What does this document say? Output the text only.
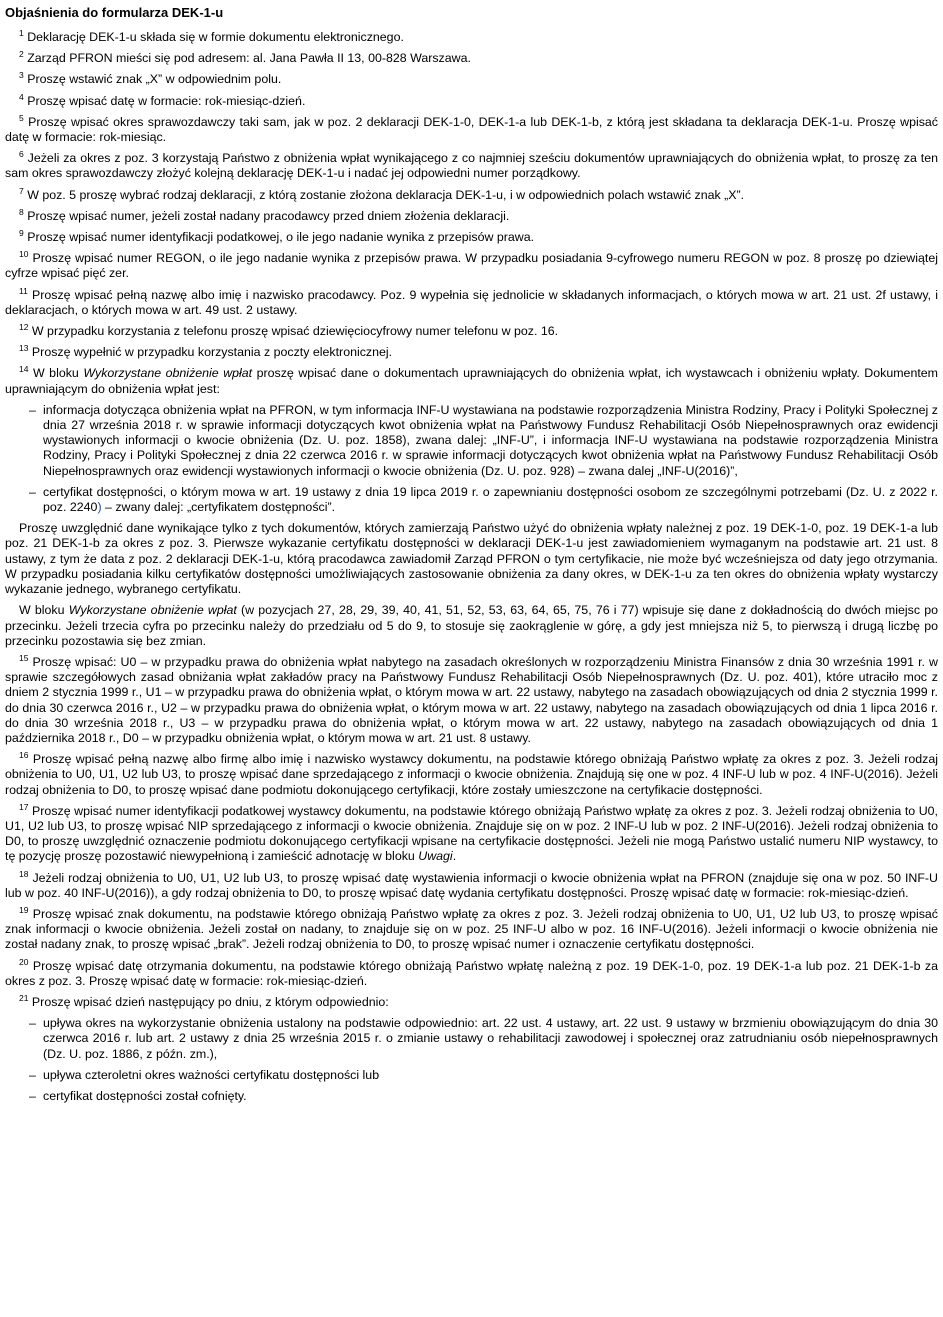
Objaśnienia do formularza DEK-1-u

$^1$ Deklarację DEK-1-u składa się w formie dokumentu elektronicznego.

$^2$ Zarząd PFRON mieści się pod adresem: al. Jana Pawła II 13, 00-828 Warszawa.

$^3$ Proszę wstawić znak „X” w odpowiednim polu.

$^4$ Proszę wpisać datę w formacie: rok-miesiąc-dzień.

$^5$ Proszę wpisać okres sprawozdawczy taki sam, jak w poz. 2 deklaracji DEK-1-0, DEK-1-a lub DEK-1-b, z którą jest składana ta deklaracja DEK-1-u. Proszę wpisać datę w formacie: rok-miesiąc.

$^6$ Jeżeli za okres z poz. 3 korzystają Państwo z obniżenia wpłat wynikającego z co najmniej sześciu dokumentów uprawniających do obniżenia wpłat, to proszę za ten sam okres sprawozdawczy złożyć kolejną deklarację DEK-1-u i nadać jej odpowiedni numer porządkowy.

$^7$ W poz. 5 proszę wybrać rodzaj deklaracji, z którą zostanie złożona deklaracja DEK-1-u, i w odpowiednich polach wstawić znak „X”.

$^8$ Proszę wpisać numer, jeżeli został nadany pracodawcy przed dniem złożenia deklaracji.

$^9$ Proszę wpisać numer identyfikacji podatkowej, o ile jego nadanie wynika z przepisów prawa.

$^{10}$ Proszę wpisać numer REGON, o ile jego nadanie wynika z przepisów prawa. W przypadku posiadania 9-cyfrowego numeru REGON w poz. 8 proszę po dziewiątej cyfrze wpisać pięć zer.

$^{11}$ Proszę wpisać pełną nazwę albo imię i nazwisko pracodawcy. Poz. 9 wypełnia się jednolicie w składanych informacjach, o których mowa w art. 21 ust. 2f ustawy, i deklaracjach, o których mowa w art. 49 ust. 2 ustawy.

$^{12}$ W przypadku korzystania z telefonu proszę wpisać dziewięciocyfrowy numer telefonu w poz. 16.

$^{13}$ Proszę wypełnić w przypadku korzystania z poczty elektronicznej.

$^{14}$ W bloku Wykorzystane obniżenie wpłat proszę wpisać dane o dokumentach uprawniających do obniżenia wpłat, ich wystawcach i obniżeniu wpłaty. Dokumentem uprawniającym do obniżenia wpłat jest:

– informacja dotycząca obniżenia wpłat na PFRON, w tym informacja INF-U wystawiana na podstawie rozporządzenia Ministra Rodziny, Pracy i Polityki Społecznej z dnia 27 września 2018 r. w sprawie informacji dotyczących kwot obniżenia wpłat na Państwowy Fundusz Rehabilitacji Osób Niepełnosprawnych oraz ewidencji wystawionych informacji o kwocie obniżenia (Dz. U. poz. 1858), zwana dalej: „INF-U”, i informacja INF-U wystawiana na podstawie rozporządzenia Ministra Rodziny, Pracy i Polityki Społecznej z dnia 22 czerwca 2016 r. w sprawie informacji dotyczących kwot obniżenia wpłat na Państwowy Fundusz Rehabilitacji Osób Niepełnosprawnych oraz ewidencji wystawionych informacji o kwocie obniżenia (Dz. U. poz. 928) – zwana dalej „INF-U(2016)”,
– certyfikat dostępności, o którym mowa w art. 19 ustawy z dnia 19 lipca 2019 r. o zapewnianiu dostępności osobom ze szczególnymi potrzebami (Dz. U. z 2022 r. poz. 2240) – zwany dalej: „certyfikatem dostępności”.

Proszę uwzględnić dane wynikające tylko z tych dokumentów, których zamierzają Państwo użyć do obniżenia wpłaty należnej z poz. 19 DEK-1-0, poz. 19 DEK-1-a lub poz. 21 DEK-1-b za okres z poz. 3. Pierwsze wykazanie certyfikatu dostępności w deklaracji DEK-1-u jest zawiadomieniem wymaganym na podstawie art. 21 ust. 8 ustawy, z tym że data z poz. 2 deklaracji DEK-1-u, którą pracodawca zawiadomił Zarząd PFRON o tym certyfikacie, nie może być wcześniejsza od daty jego otrzymania. W przypadku posiadania kilku certyfikatów dostępności umożliwiających zastosowanie obniżenia za dany okres, w DEK-1-u za ten okres do obniżenia wpłaty wystarczy wykazanie jednego, wybranego certyfikatu.

W bloku Wykorzystane obniżenie wpłat (w pozycjach 27, 28, 29, 39, 40, 41, 51, 52, 53, 63, 64, 65, 75, 76 i 77) wpisuje się dane z dokładnością do dwóch miejsc po przecinku. Jeżeli trzecia cyfra po przecinku należy do przedziału od 5 do 9, to stosuje się zaokrąglenie w górę, a gdy jest mniejsza niż 5, to pierwszą i drugą liczbę po przecinku pozostawia się bez zmian.

$^{15}$ Proszę wpisać: U0 – w przypadku prawa do obniżenia wpłat nabytego na zasadach określonych w rozporządzeniu Ministra Finansów z dnia 30 września 1991 r. w sprawie szczegółowych zasad obniżania wpłat zakładów pracy na Państwowy Fundusz Rehabilitacji Osób Niepełnosprawnych (Dz. U. poz. 401), które utraciło moc z dniem 2 stycznia 1999 r., U1 – w przypadku prawa do obniżenia wpłat, o którym mowa w art. 22 ustawy, nabytego na zasadach obowiązujących od dnia 2 stycznia 1999 r. do dnia 30 czerwca 2016 r., U2 – w przypadku prawa do obniżenia wpłat, o którym mowa w art. 22 ustawy, nabytego na zasadach obowiązujących od dnia 1 lipca 2016 r. do dnia 30 września 2018 r., U3 – w przypadku prawa do obniżenia wpłat, o którym mowa w art. 22 ustawy, nabytego na zasadach obowiązujących od dnia 1 października 2018 r., D0 – w przypadku obniżenia wpłat, o którym mowa w art. 21 ust. 8 ustawy.

$^{16}$ Proszę wpisać pełną nazwę albo firmę albo imię i nazwisko wystawcy dokumentu, na podstawie którego obniżają Państwo wpłatę za okres z poz. 3. Jeżeli rodzaj obniżenia to U0, U1, U2 lub U3, to proszę wpisać dane sprzedającego z informacji o kwocie obniżenia. Znajdują się one w poz. 4 INF-U lub w poz. 4 INF-U(2016). Jeżeli rodzaj obniżenia to D0, to proszę wpisać dane podmiotu dokonującego certyfikacji, które zostały umieszczone na certyfikacie dostępności.

$^{17}$ Proszę wpisać numer identyfikacji podatkowej wystawcy dokumentu, na podstawie którego obniżają Państwo wpłatę za okres z poz. 3. Jeżeli rodzaj obniżenia to U0, U1, U2 lub U3, to proszę wpisać NIP sprzedającego z informacji o kwocie obniżenia. Znajduje się on w poz. 2 INF-U lub w poz. 2 INF-U(2016). Jeżeli rodzaj obniżenia to D0, to proszę uwzględnić oznaczenie podmiotu dokonującego certyfikacji wpisane na certyfikacie dostępności. Jeżeli nie mogą Państwo ustalić numeru NIP wystawcy, to tę pozycję proszę pozostawić niewypełnioną i zamieścić adnotację w bloku Uwagi.

$^{18}$ Jeżeli rodzaj obniżenia to U0, U1, U2 lub U3, to proszę wpisać datę wystawienia informacji o kwocie obniżenia wpłat na PFRON (znajduje się ona w poz. 50 INF-U lub w poz. 40 INF-U(2016)), a gdy rodzaj obniżenia to D0, to proszę wpisać datę wydania certyfikatu dostępności. Proszę wpisać datę w formacie: rok-miesiąc-dzień.

$^{19}$ Proszę wpisać znak dokumentu, na podstawie którego obniżają Państwo wpłatę za okres z poz. 3. Jeżeli rodzaj obniżenia to U0, U1, U2 lub U3, to proszę wpisać znak informacji o kwocie obniżenia. Jeżeli został on nadany, to znajduje się on w poz. 25 INF-U albo w poz. 16 INF-U(2016). Jeżeli informacji o kwocie obniżenia nie został nadany znak, to proszę wpisać „brak”. Jeżeli rodzaj obniżenia to D0, to proszę wpisać numer i oznaczenie certyfikatu dostępności.

$^{20}$ Proszę wpisać datę otrzymania dokumentu, na podstawie którego obniżają Państwo wpłatę należną z poz. 19 DEK-1-0, poz. 19 DEK-1-a lub poz. 21 DEK-1-b za okres z poz. 3. Proszę wpisać datę w formacie: rok-miesiąc-dzień.

$^{21}$ Proszę wpisać dzień następujący po dniu, z którym odpowiednio:

– upływa okres na wykorzystanie obniżenia ustalony na podstawie odpowiednio: art. 22 ust. 4 ustawy, art. 22 ust. 9 ustawy w brzmieniu obowiązującym do dnia 30 czerwca 2016 r. lub art. 2 ustawy z dnia 25 września 2015 r. o zmianie ustawy o rehabilitacji zawodowej i społecznej oraz zatrudnianiu osób niepełnosprawnych (Dz. U. poz. 1886, z późn. zm.),
– upływa czteroletni okres ważności certyfikatu dostępności lub
– certyfikat dostępności został cofnięty.
